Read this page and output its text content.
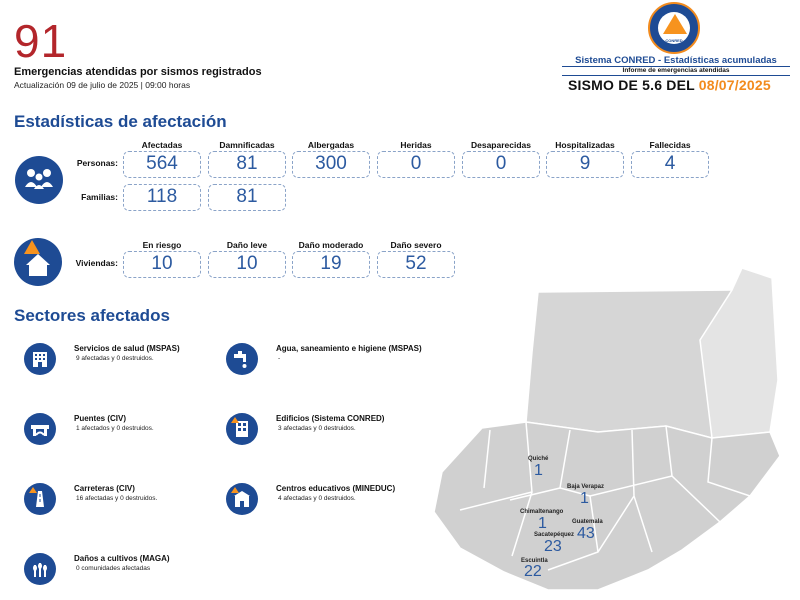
91
Emergencias atendidas por sismos registrados
Actualización 09 de julio de 2025 | 09:00 horas
CONRED
Sistema CONRED - Estadísticas acumuladas
Informe de emergencias atendidas
SISMO DE 5.6 DEL 08/07/2025
Estadísticas de afectación
Afectadas
564
Damnificadas
81
Albergadas
300
Heridas
0
Desaparecidas
0
Hospitalizadas
9
Fallecidas
4
118	81
Personas:
Familias:
Viviendas:
En riesgo
10
Daño leve
10
Daño moderado
19
Daño severo
52
Sectores afectados
Servicios de salud (MSPAS)
9 afectadas y 0 destruidos.
Agua, saneamiento e higiene (MSPAS)
-
Puentes (CIV)
1 afectados y 0 destruidos.
Edificios (Sistema CONRED)
3 afectadas y 0 destruidos.
Carreteras (CIV)
16 afectadas y 0 destruidos.
Centros educativos (MINEDUC)
4 afectadas y 0 destruidos.
Daños a cultivos (MAGA)
0 comunidades afectadas
Quiché
1
Baja Verapaz
1
Chimaltenango
1	Guatemala
43
Sacatepéquez
23
Escuintla
22
